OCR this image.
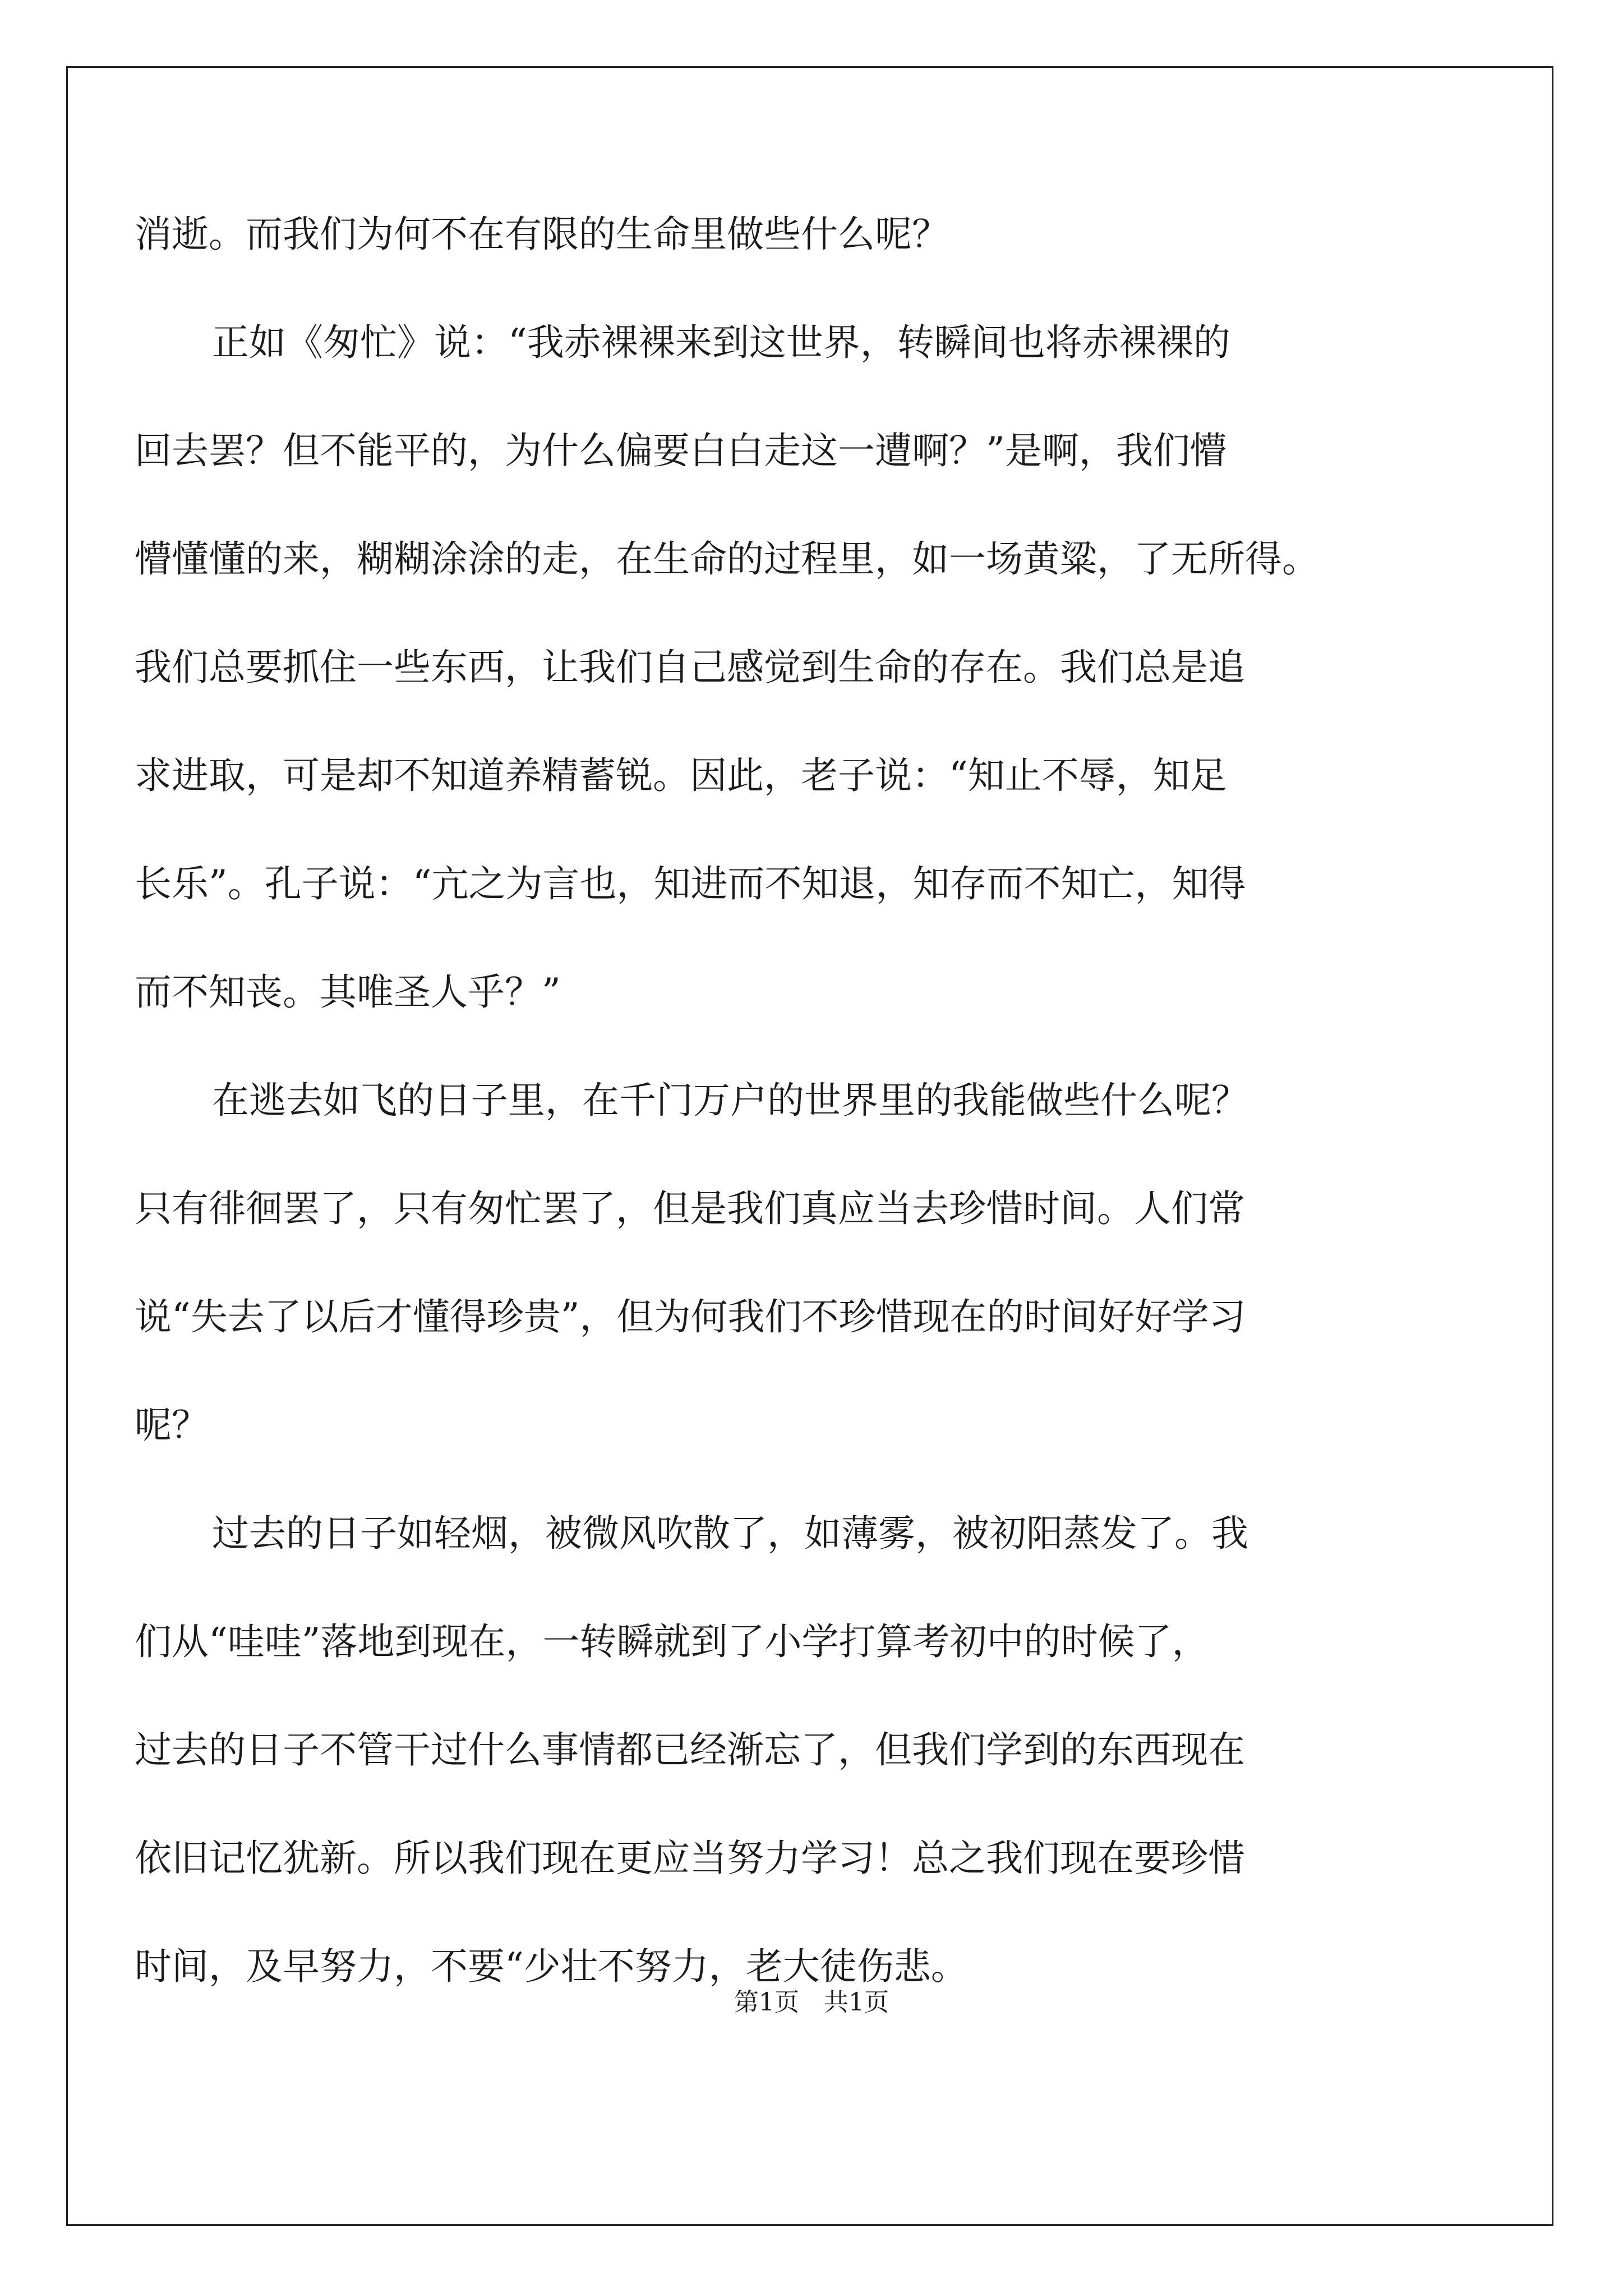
消逝。而我们为何不在有限的生命里做些什么呢？
正如《匆忙》说：“我赤裸裸来到这世界，转瞬间也将赤裸裸的
回去罢？但不能平的，为什么偏要白白走这一遭啊？”是啊，我们懵
懵懂懂的来，糊糊涂涂的走，在生命的过程里，如一场黄粱，了无所得。
我们总要抓住一些东西，让我们自己感觉到生命的存在。我们总是追
求进取，可是却不知道养精蓄锐。因此，老子说：“知止不辱，知足
长乐”。孔子说：“亢之为言也，知进而不知退，知存而不知亡，知得
而不知丧。其唯圣人乎？”
在逃去如飞的日子里，在千门万户的世界里的我能做些什么呢？
只有徘徊罢了，只有匆忙罢了，但是我们真应当去珍惜时间。人们常
说“失去了以后才懂得珍贵”，但为何我们不珍惜现在的时间好好学习
呢？
过去的日子如轻烟，被微风吹散了，如薄雾，被初阳蒸发了。我
们从“哇哇”落地到现在，一转瞬就到了小学打算考初中的时候了，
过去的日子不管干过什么事情都已经渐忘了，但我们学到的东西现在
依旧记忆犹新。所以我们现在更应当努力学习！总之我们现在要珍惜
时间，及早努力，不要“少壮不努力，老大徒伤悲。
第1页　共1页
